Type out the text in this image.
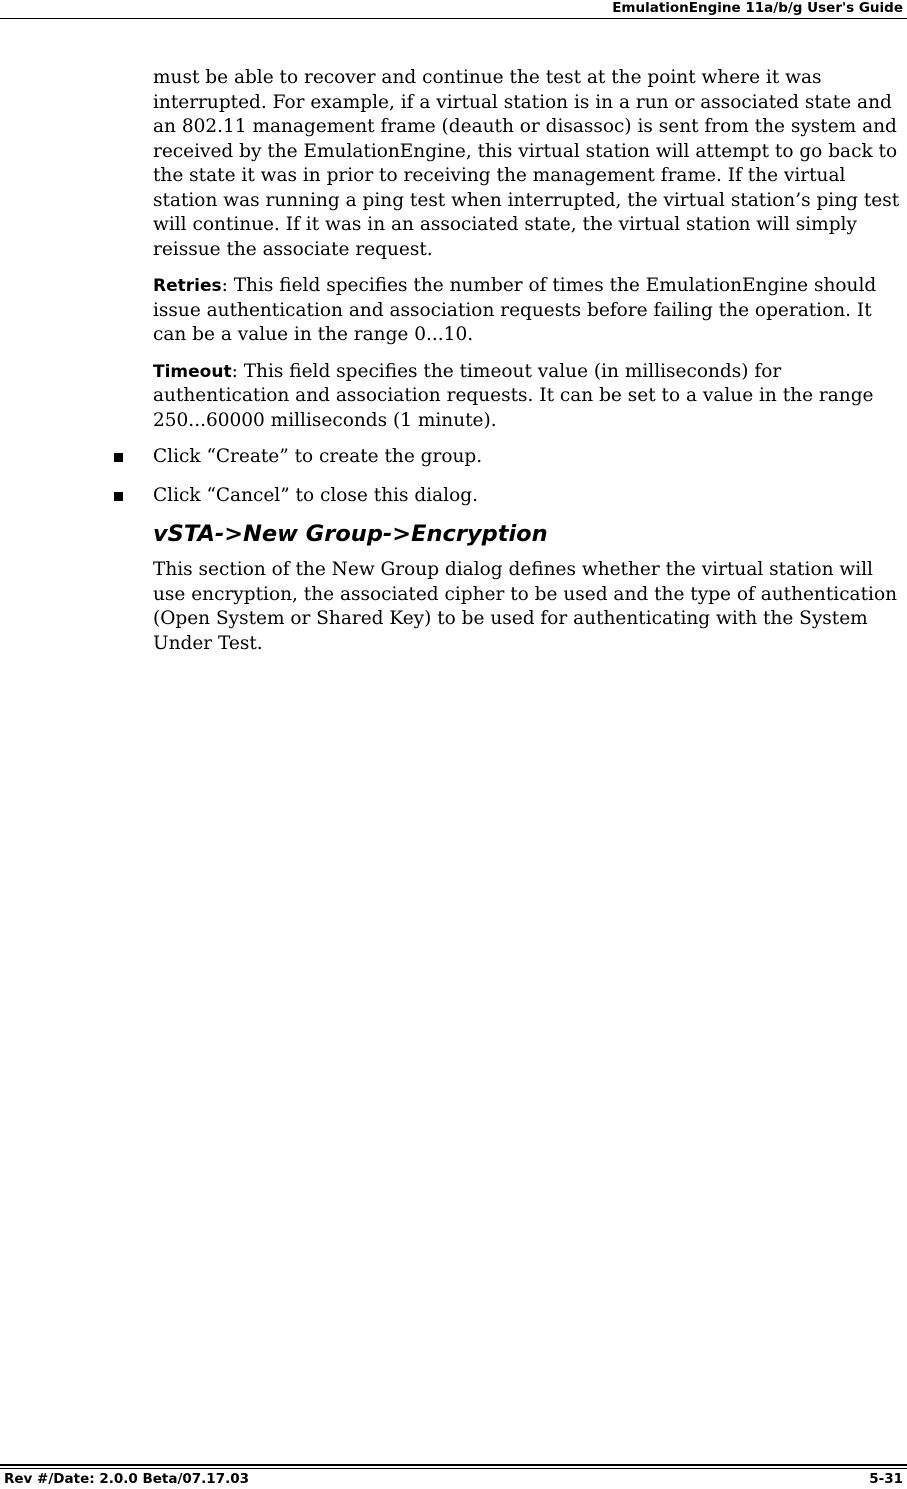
EmulationEngine 11a/b/g User's Guide

must be able to recover and continue the test at the point where it was interrupted. For example, if a virtual station is in a run or associated state and an 802.11 management frame (deauth or disassoc) is sent from the system and received by the EmulationEngine, this virtual station will attempt to go back to the state it was in prior to receiving the management frame. If the virtual station was running a ping test when interrupted, the virtual station’s ping test will continue. If it was in an associated state, the virtual station will simply reissue the associate request.

Retries: This field specifies the number of times the EmulationEngine should issue authentication and association requests before failing the operation. It can be a value in the range 0...10.

Timeout: This field specifies the timeout value (in milliseconds) for authentication and association requests. It can be set to a value in the range 250...60000 milliseconds (1 minute).

Click “Create” to create the group.
Click “Cancel” to close this dialog.
vSTA->New Group->Encryption

This section of the New Group dialog defines whether the virtual station will use encryption, the associated cipher to be used and the type of authentication (Open System or Shared Key) to be used for authenticating with the System Under Test.

Rev #/Date: 2.0.0 Beta/07.17.03	5-31
